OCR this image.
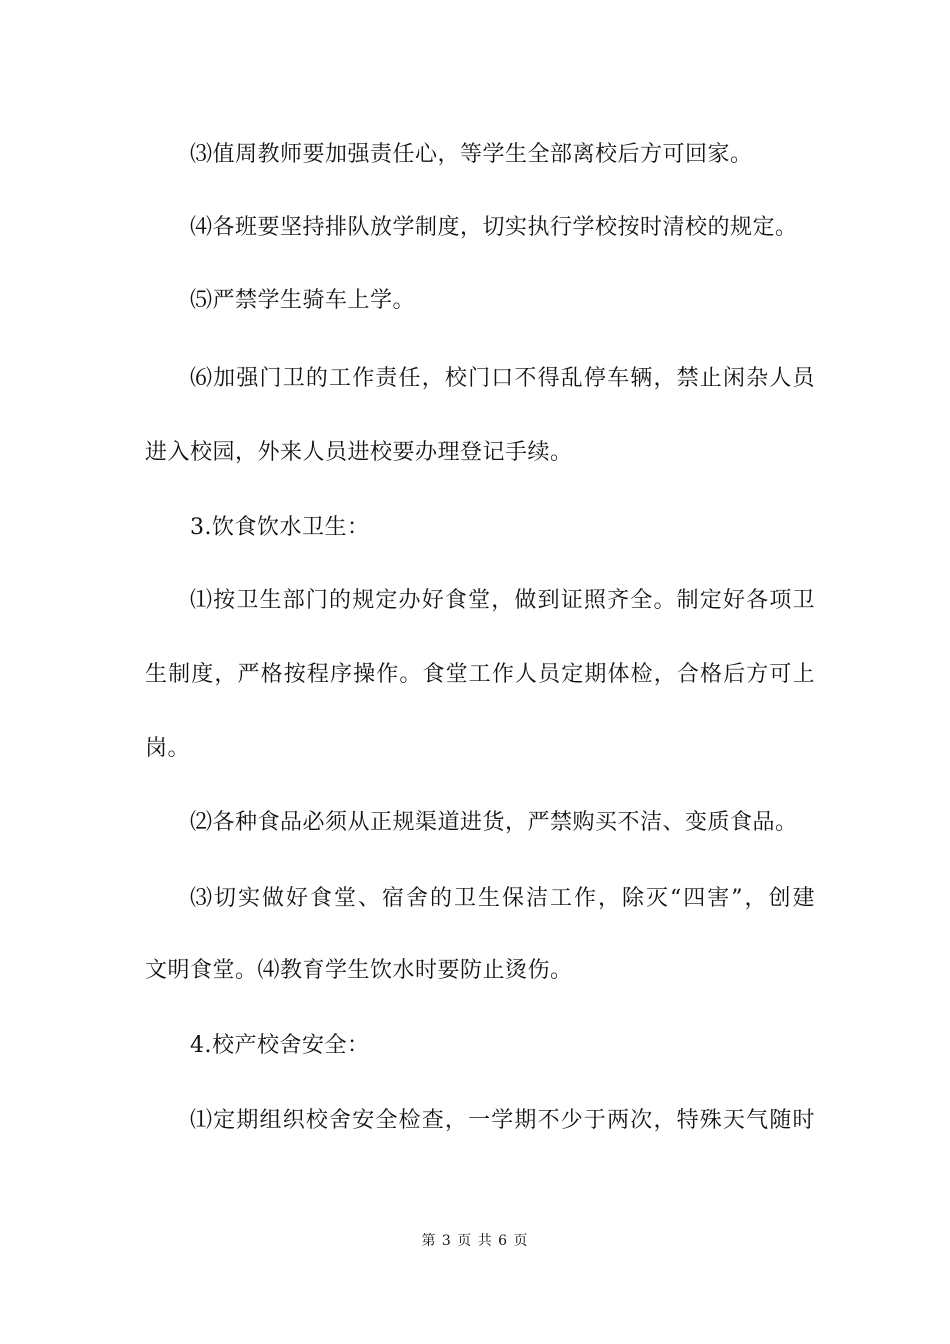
⑶值周教师要加强责任心，等学生全部离校后方可回家。
⑷各班要坚持排队放学制度，切实执行学校按时清校的规定。
⑸严禁学生骑车上学。
⑹加强门卫的工作责任，校门口不得乱停车辆，禁止闲杂人员
进入校园，外来人员进校要办理登记手续。
3.饮食饮水卫生：
⑴按卫生部门的规定办好食堂，做到证照齐全。制定好各项卫
生制度，严格按程序操作。食堂工作人员定期体检，合格后方可上
岗。
⑵各种食品必须从正规渠道进货，严禁购买不洁、变质食品。
⑶切实做好食堂、宿舍的卫生保洁工作，除灭“四害”，创建
文明食堂。⑷教育学生饮水时要防止烫伤。
4.校产校舍安全：
⑴定期组织校舍安全检查，一学期不少于两次，特殊天气随时
第 3 页 共 6 页
